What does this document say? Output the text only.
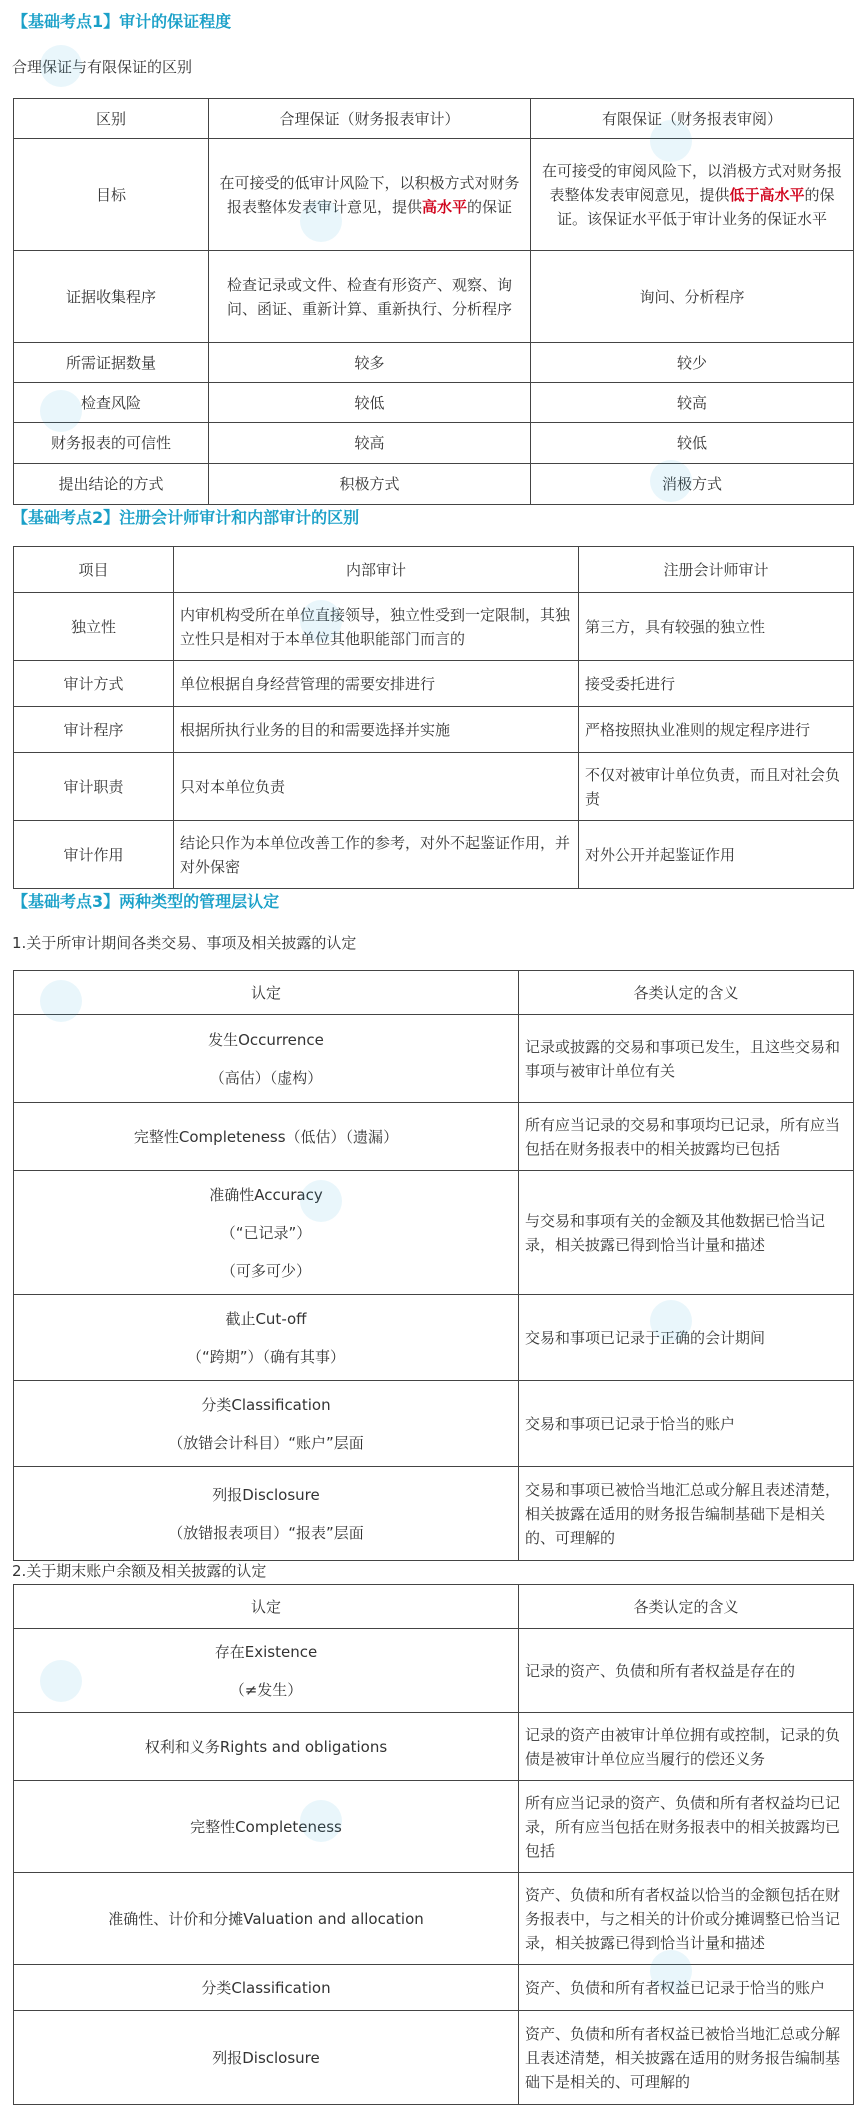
【基础考点1】审计的保证程度
合理保证与有限保证的区别
区别	合理保证（财务报表审计）	有限保证（财务报表审阅）
目标	在可接受的低审计风险下，以积极方式对财务报表整体发表审计意见，提供高水平的保证	在可接受的审阅风险下，以消极方式对财务报表整体发表审阅意见，提供低于高水平的保证。该保证水平低于审计业务的保证水平
证据收集程序	检查记录或文件、检查有形资产、观察、询问、函证、重新计算、重新执行、分析程序	询问、分析程序
所需证据数量	较多	较少
检查风险	较低	较高
财务报表的可信性	较高	较低
提出结论的方式	积极方式	消极方式
【基础考点2】注册会计师审计和内部审计的区别
项目	内部审计	注册会计师审计
独立性	内审机构受所在单位直接领导，独立性受到一定限制，其独立性只是相对于本单位其他职能部门而言的	第三方，具有较强的独立性
审计方式	单位根据自身经营管理的需要安排进行	接受委托进行
审计程序	根据所执行业务的目的和需要选择并实施	严格按照执业准则的规定程序进行
审计职责	只对本单位负责	不仅对被审计单位负责，而且对社会负责
审计作用	结论只作为本单位改善工作的参考，对外不起鉴证作用，并对外保密	对外公开并起鉴证作用
【基础考点3】两种类型的管理层认定
1.关于所审计期间各类交易、事项及相关披露的认定
认定	各类认定的含义

发生Occurrence
（高估）（虚构）	记录或披露的交易和事项已发生，且这些交易和事项与被审计单位有关

完整性Completeness（低估）（遗漏）	所有应当记录的交易和事项均已记录，所有应当包括在财务报表中的相关披露均已包括

准确性Accuracy
（“已记录”）
（可多可少）	与交易和事项有关的金额及其他数据已恰当记录，相关披露已得到恰当计量和描述

截止Cut-off
（“跨期”）（确有其事）	交易和事项已记录于正确的会计期间

分类Classification
（放错会计科目）“账户”层面	交易和事项已记录于恰当的账户

列报Disclosure
（放错报表项目）“报表”层面	交易和事项已被恰当地汇总或分解且表述清楚，相关披露在适用的财务报告编制基础下是相关的、可理解的
2.关于期末账户余额及相关披露的认定
认定	各类认定的含义

存在Existence
（≠发生）	记录的资产、负债和所有者权益是存在的

权利和义务Rights and obligations	记录的资产由被审计单位拥有或控制，记录的负债是被审计单位应当履行的偿还义务

完整性Completeness	所有应当记录的资产、负债和所有者权益均已记录，所有应当包括在财务报表中的相关披露均已包括

准确性、计价和分摊Valuation and allocation	资产、负债和所有者权益以恰当的金额包括在财务报表中，与之相关的计价或分摊调整已恰当记录，相关披露已得到恰当计量和描述

分类Classification	资产、负债和所有者权益已记录于恰当的账户

列报Disclosure	资产、负债和所有者权益已被恰当地汇总或分解且表述清楚，相关披露在适用的财务报告编制基础下是相关的、可理解的
